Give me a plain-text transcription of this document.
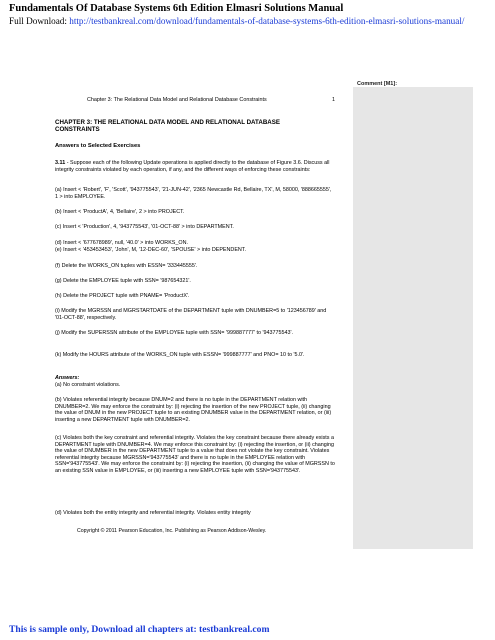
Fundamentals Of Database Systems 6th Edition Elmasri Solutions Manual
Full Download: http://testbankreal.com/download/fundamentals-of-database-systems-6th-edition-elmasri-solutions-manual/
Chapter 3: The Relational Data Model and Relational Database Constraints	1
CHAPTER 3: THE RELATIONAL DATA MODEL AND RELATIONAL DATABASE
CONSTRAINTS
Answers to Selected Exercises

3.11 - Suppose each of the following Update operations is applied directly to the database of Figure 3.6. Discuss all integrity constraints violated by each operation, if any, and the different ways of enforcing these constraints:

(a) Insert < 'Robert', 'F', 'Scott', '943775543', '21-JUN-42', '2365 Newcastle Rd, Bellaire, TX', M, 58000, '888665555', 1 > into EMPLOYEE.

(b) Insert < 'ProductA', 4, 'Bellaire', 2 > into PROJECT.

(c) Insert < 'Production', 4, '943775543', '01-OCT-88' > into DEPARTMENT.

(d) Insert < '677678989', null, '40.0' > into WORKS_ON.

(e) Insert < '453453453', 'John', M, '12-DEC-60', 'SPOUSE' > into DEPENDENT.

(f) Delete the WORKS_ON tuples with ESSN= '333445555'.

(g) Delete the EMPLOYEE tuple with SSN= '987654321'.

(h) Delete the PROJECT tuple with PNAME= 'ProductX'.

(i) Modify the MGRSSN and MGRSTARTDATE of the DEPARTMENT tuple with DNUMBER=5 to '123456789' and '01-OCT-88', respectively.

(j) Modify the SUPERSSN attribute of the EMPLOYEE tuple with SSN= '999887777' to '943775543'.

(k) Modify the HOURS attribute of the WORKS_ON tuple with ESSN= '999887777' and PNO= 10 to '5.0'.

Answers:

(a) No constraint violations.

(b) Violates referential integrity because DNUM=2 and there is no tuple in the DEPARTMENT relation with DNUMBER=2. We may enforce the constraint by: (i) rejecting the insertion of the new PROJECT tuple, (ii) changing the value of DNUM in the new PROJECT tuple to an existing DNUMBER value in the DEPARTMENT relation, or (iii) inserting a new DEPARTMENT tuple with DNUMBER=2.

(c) Violates both the key constraint and referential integrity. Violates the key constraint because there already exists a DEPARTMENT tuple with DNUMBER=4. We may enforce this constraint by: (i) rejecting the insertion, or (ii) changing the value of DNUMBER in the new DEPARTMENT tuple to a value that does not violate the key constraint. Violates referential integrity because MGRSSN='943775543' and there is no tuple in the EMPLOYEE relation with SSN='943775543'. We may enforce the constraint by: (i) rejecting the insertion, (ii) changing the value of MGRSSN to an existing SSN value in EMPLOYEE, or (iii) inserting a new EMPLOYEE tuple with SSN='943775543'.

(d) Violates both the entity integrity and referential integrity. Violates entity integrity

Comment [M1]:
Copyright © 2011 Pearson Education, Inc. Publishing as Pearson Addison-Wesley.
This is sample only, Download all chapters at: testbankreal.com
